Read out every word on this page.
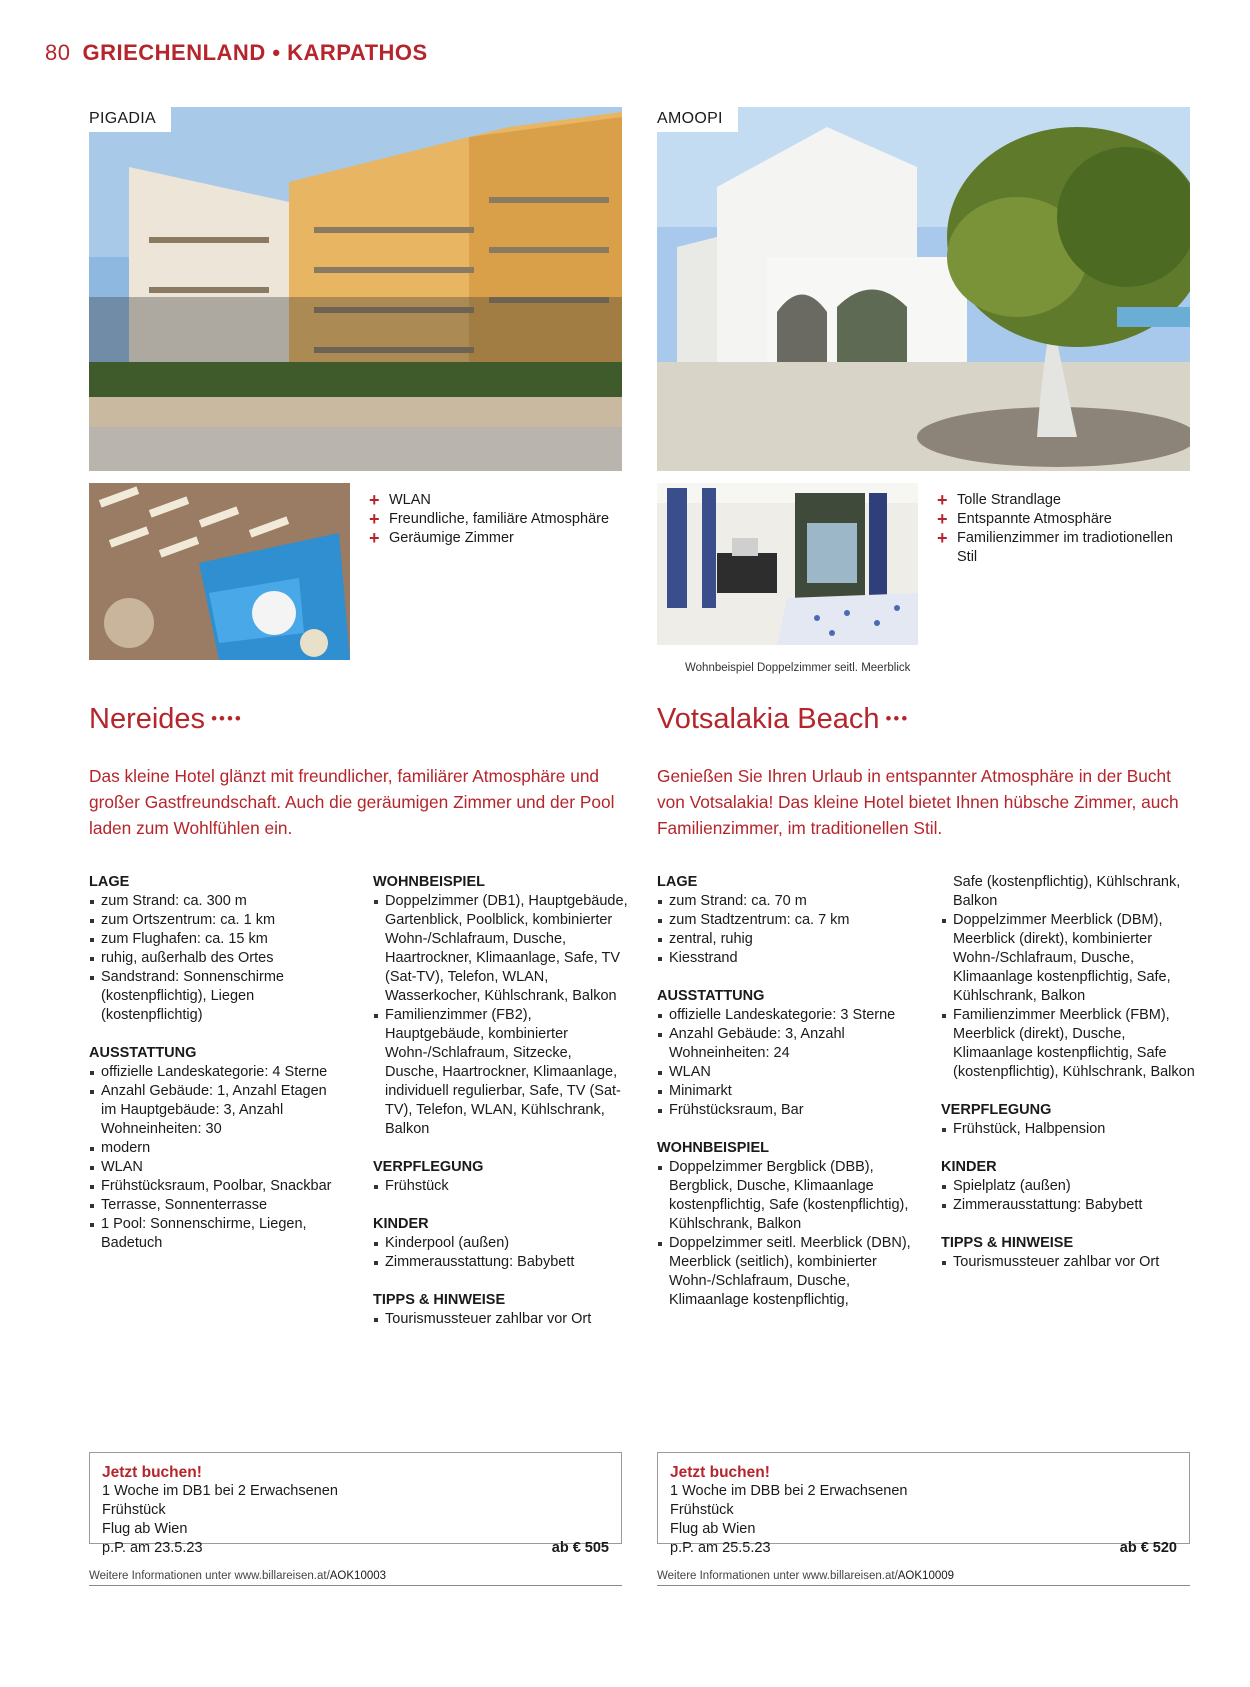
80 GRIECHENLAND • KARPATHOS
PIGADIA
+ WLAN
+ Freundliche, familiäre Atmosphäre
+ Geräumige Zimmer
Nereides ••••
Das kleine Hotel glänzt mit freundlicher, familiärer Atmosphäre und großer Gastfreundschaft. Auch die geräumigen Zimmer und der Pool laden zum Wohlfühlen ein.
LAGE
zum Strand: ca. 300 m
zum Ortszentrum: ca. 1 km
zum Flughafen: ca. 15 km
ruhig, außerhalb des Ortes
Sandstrand: Sonnenschirme (kostenpflichtig), Liegen (kostenpflichtig)
AUSSTATTUNG
offizielle Landeskategorie: 4 Sterne
Anzahl Gebäude: 1, Anzahl Etagen im Hauptgebäude: 3, Anzahl Wohneinheiten: 30
modern
WLAN
Frühstücksraum, Poolbar, Snackbar
Terrasse, Sonnenterrasse
1 Pool: Sonnenschirme, Liegen, Badetuch
WOHNBEISPIEL
Doppelzimmer (DB1), Hauptgebäude, Gartenblick, Poolblick, kombinierter Wohn-/Schlafraum, Dusche, Haartrockner, Klimaanlage, Safe, TV (Sat-TV), Telefon, WLAN, Wasserkocher, Kühlschrank, Balkon
Familienzimmer (FB2), Hauptgebäude, kombinierter Wohn-/Schlafraum, Sitzecke, Dusche, Haartrockner, Klimaanlage, individuell regulierbar, Safe, TV (Sat-TV), Telefon, WLAN, Kühlschrank, Balkon
VERPFLEGUNG
Frühstück
KINDER
Kinderpool (außen)
Zimmerausstattung: Babybett
TIPPS & HINWEISE
Tourismussteuer zahlbar vor Ort
AMOOPI
Wohnbeispiel Doppelzimmer seitl. Meerblick
+ Tolle Strandlage
+ Entspannte Atmosphäre
+ Familienzimmer im tradiotionellen Stil
Votsalakia Beach •••
Genießen Sie Ihren Urlaub in entspannter Atmosphäre in der Bucht von Votsalakia! Das kleine Hotel bietet Ihnen hübsche Zimmer, auch Familienzimmer, im traditionellen Stil.
LAGE
zum Strand: ca. 70 m
zum Stadtzentrum: ca. 7 km
zentral, ruhig
Kiesstrand
AUSSTATTUNG
offizielle Landeskategorie: 3 Sterne
Anzahl Gebäude: 3, Anzahl Wohneinheiten: 24
WLAN
Minimarkt
Frühstücksraum, Bar
WOHNBEISPIEL
Doppelzimmer Bergblick (DBB), Bergblick, Dusche, Klimaanlage kostenpflichtig, Safe (kostenpflichtig), Kühlschrank, Balkon
Doppelzimmer seitl. Meerblick (DBN), Meerblick (seitlich), kombinierter Wohn-/Schlafraum, Dusche, Klimaanlage kostenpflichtig,
Safe (kostenpflichtig), Kühlschrank, Balkon
Doppelzimmer Meerblick (DBM), Meerblick (direkt), kombinierter Wohn-/Schlafraum, Dusche, Klimaanlage kostenpflichtig, Safe, Kühlschrank, Balkon
Familienzimmer Meerblick (FBM), Meerblick (direkt), Dusche, Klimaanlage kostenpflichtig, Safe (kostenpflichtig), Kühlschrank, Balkon
VERPFLEGUNG
Frühstück, Halbpension
KINDER
Spielplatz (außen)
Zimmerausstattung: Babybett
TIPPS & HINWEISE
Tourismussteuer zahlbar vor Ort
Jetzt buchen!
1 Woche im DB1 bei 2 Erwachsenen
Frühstück
Flug ab Wien
p.P. am 23.5.23	ab € 505
Jetzt buchen!
1 Woche im DBB bei 2 Erwachsenen
Frühstück
Flug ab Wien
p.P. am 25.5.23	ab € 520
Weitere Informationen unter www.billareisen.at/AOK10003	Weitere Informationen unter www.billareisen.at/AOK10009
